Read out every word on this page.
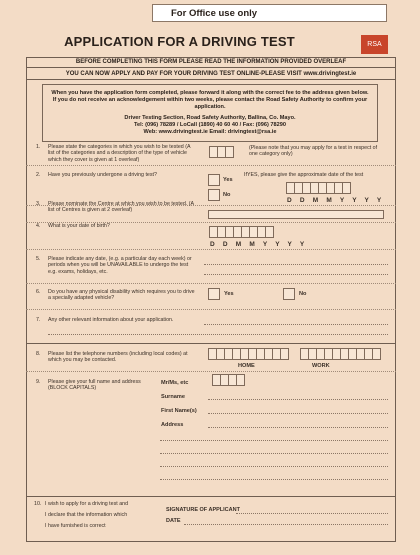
For Office use only
APPLICATION FOR A DRIVING TEST	RSA
BEFORE COMPLETING THIS FORM PLEASE READ THE INFORMATION PROVIDED OVERLEAF
YOU CAN NOW APPLY AND PAY FOR YOUR DRIVING TEST ONLINE-PLEASE VISIT www.drivingtest.ie

When you have the application form completed, please forward it along with the correct fee to the address given below. If you do not receive an acknowledgement within two weeks, please contact the Road Safety Authority to confirm your application.

Driver Testing Section, Road Safety Authority, Ballina, Co. Mayo.

Tel: (096) 78289 / LoCall (1890) 40 60 40 / Fax: (096) 78290
Web: www.drivingtest.ie Email: drivingtest@rsa.ie
1. Please state the categories in which you wish to be tested (A list of the categories and a description of the type of vehicle which they cover is given at 1 overleaf)
(Please note that you may apply for a test in respect of one category only)
2. Have you previously undergone a driving test?
Yes
No
IfYES, please give the approximate date of the test
D D M M Y Y Y Y
3. Please nominate the Centre at which you wish to be tested. (A list of Centres is given at 2 overleaf)
4. What is your date of birth?
D D M M Y Y Y Y
5. Please indicate any date, (e.g. a particular day each week) or periods when you will be UNAVAILABLE to undergo the test e.g. exams, holidays, etc.
6. Do you have any physical disability which requires you to drive a specially adapted vehicle?
Yes	No
7. Any other relevant information about your application.
8. Please list the telephone numbers (including local codes) at which you may be contacted.
HOME	WORK
9. Please give your full name and address (BLOCK CAPITALS)
Mr/Ms, etc
Surname
First Name(s)
Address
10. I wish to apply for a driving test and
I declare that the information which
I have furnished is correct
SIGNATURE OF APPLICANT
DATE
